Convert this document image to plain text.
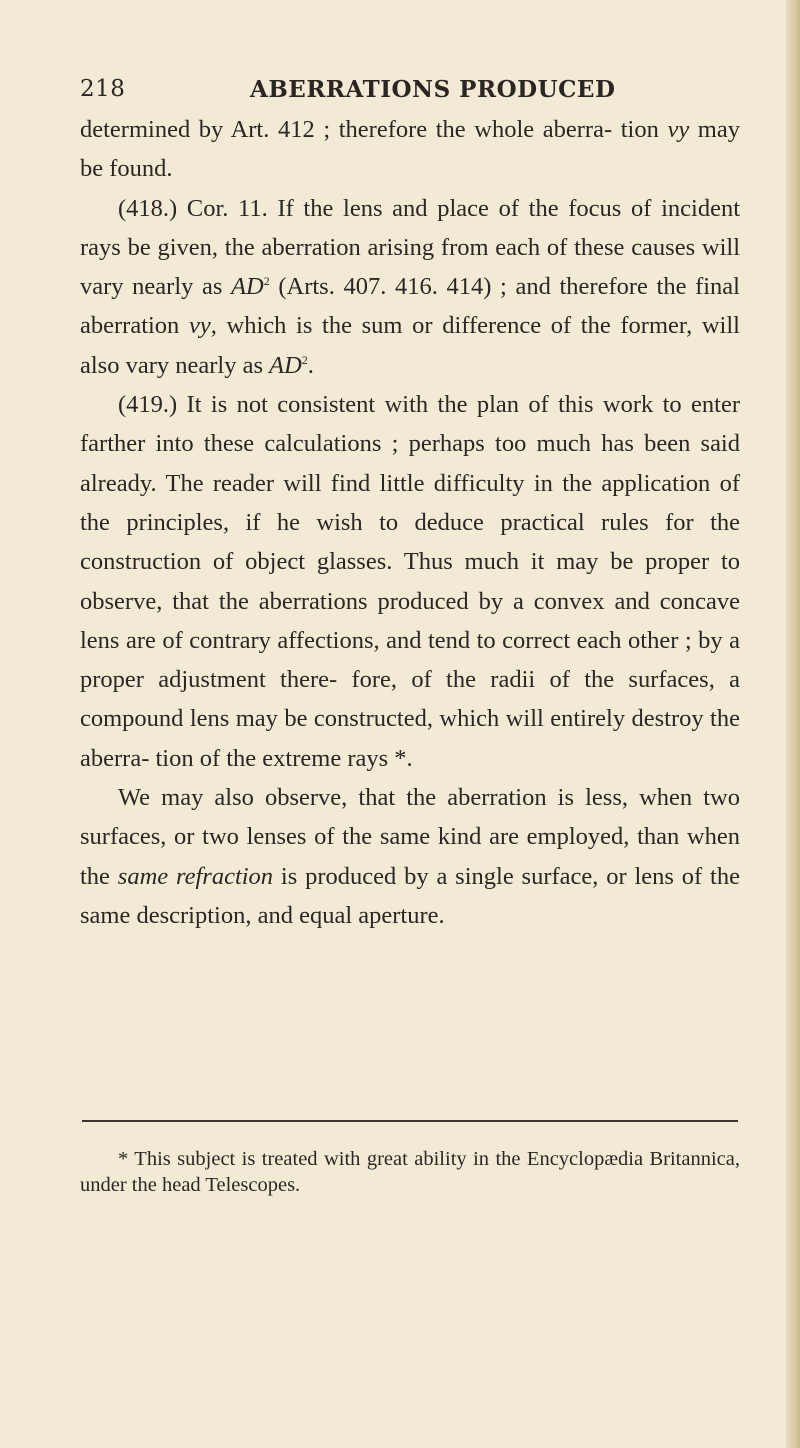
218	ABERRATIONS PRODUCED

determined by Art. 412 ; therefore the whole aberra- tion vy may be found.

(418.) Cor. 11. If the lens and place of the focus of incident rays be given, the aberration arising from each of these causes will vary nearly as $AD^2$ (Arts. 407. 416. 414) ; and therefore the final aberration vy, which is the sum or difference of the former, will also vary nearly as $AD^2$.

(419.) It is not consistent with the plan of this work to enter farther into these calculations ; perhaps too much has been said already. The reader will find little difficulty in the application of the principles, if he wish to deduce practical rules for the construction of object glasses. Thus much it may be proper to observe, that the aberrations produced by a convex and concave lens are of contrary affections, and tend to correct each other ; by a proper adjustment there- fore, of the radii of the surfaces, a compound lens may be constructed, which will entirely destroy the aberra- tion of the extreme rays *.

We may also observe, that the aberration is less, when two surfaces, or two lenses of the same kind are employed, than when the same refraction is produced by a single surface, or lens of the same description, and equal aperture.

* This subject is treated with great ability in the Encyclopædia Britannica, under the head Telescopes.
